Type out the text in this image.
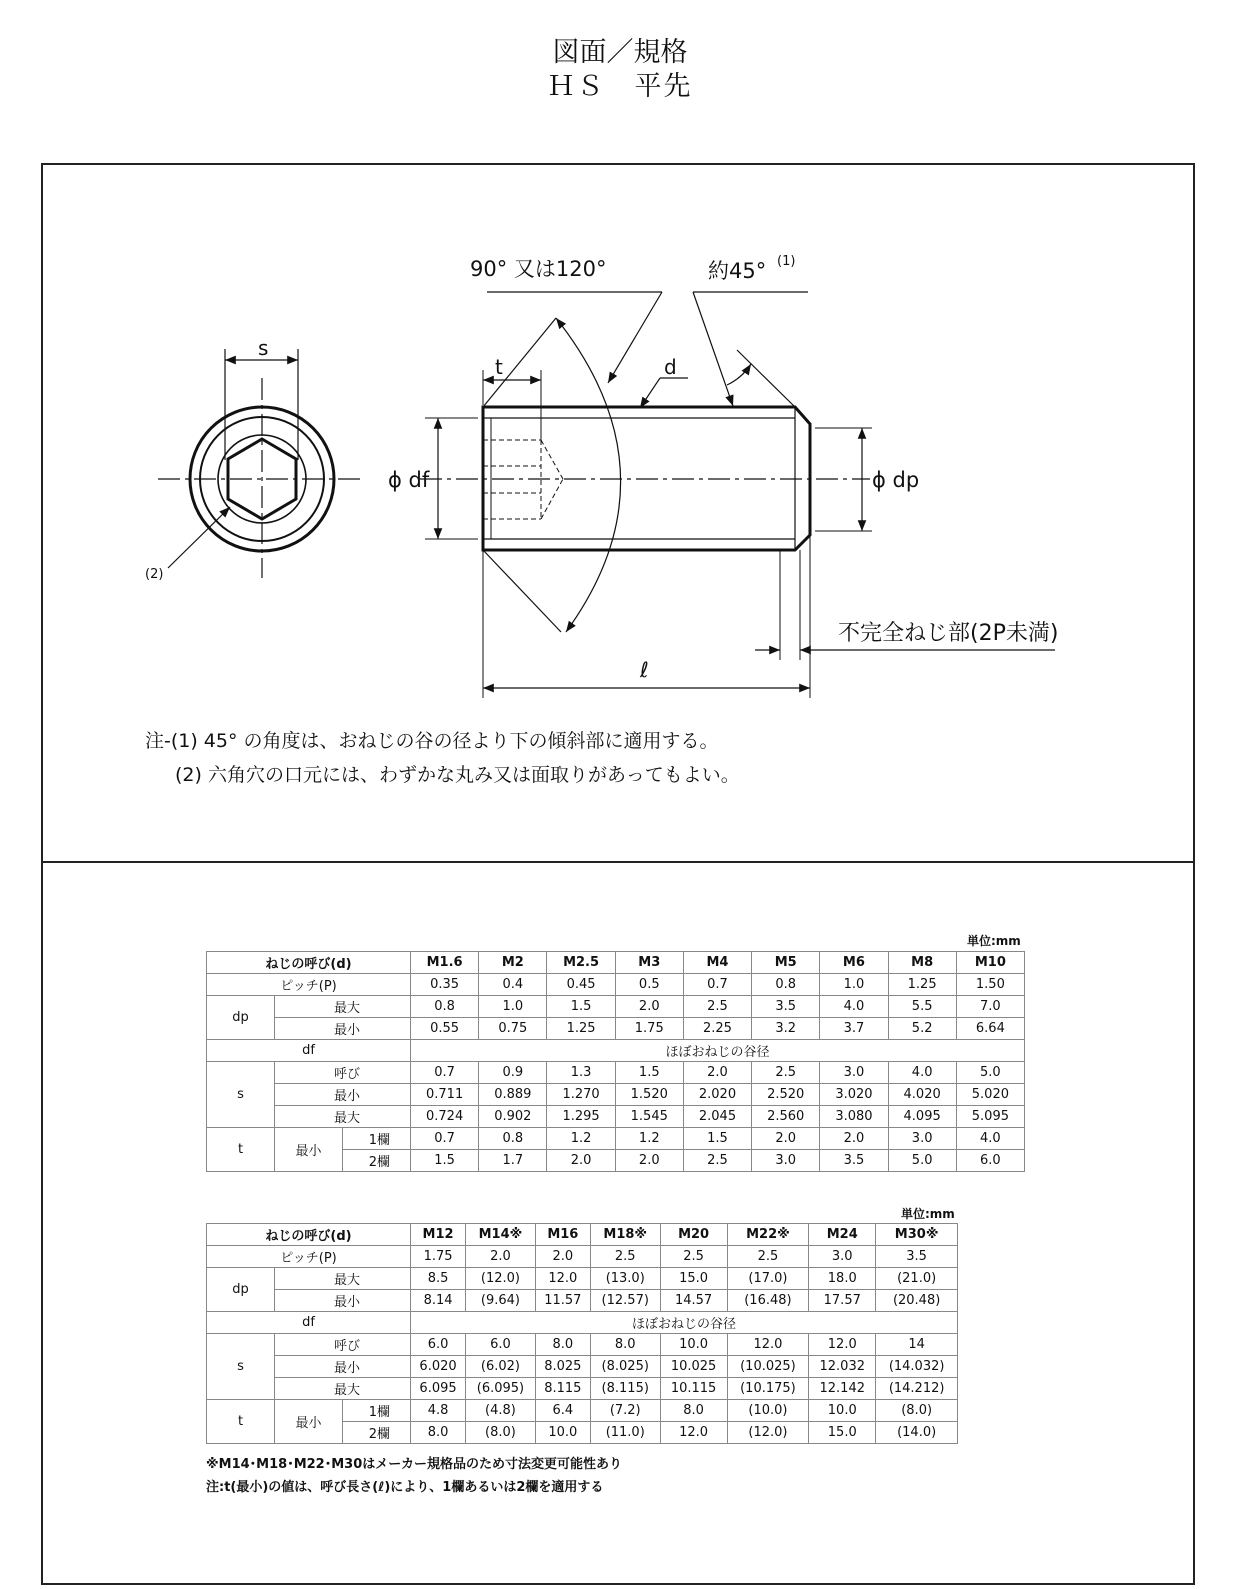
図面／規格
ＨＳ　平先
90° 又は120°	約45° (1)
s
t	d
ϕ df	ϕ dp
(2)
不完全ねじ部(2P未満)
ℓ
注-(1) 45° の角度は、おねじの谷の径より下の傾斜部に適用する。
(2) 六角穴の口元には、わずかな丸み又は面取りがあってもよい。
単位:mm
ねじの呼び(d)			M1.6	M2	M2.5	M3	M4	M5	M6	M8	M10
ピッチ(P)			0.35	0.4	0.45	0.5	0.7	0.8	1.0	1.25	1.50
dp	最大		0.8	1.0	1.5	2.0	2.5	3.5	4.0	5.5	7.0
	最小		0.55	0.75	1.25	1.75	2.25	3.2	3.7	5.2	6.64
df			ほぼおねじの谷径								
s	呼び		0.7	0.9	1.3	1.5	2.0	2.5	3.0	4.0	5.0
	最小		0.711	0.889	1.270	1.520	2.020	2.520	3.020	4.020	5.020
	最大		0.724	0.902	1.295	1.545	2.045	2.560	3.080	4.095	5.095
t	最小	1欄	0.7	0.8	1.2	1.2	1.5	2.0	2.0	3.0	4.0
		2欄	1.5	1.7	2.0	2.0	2.5	3.0	3.5	5.0	6.0
単位:mm
ねじの呼び(d)			M12	M14※	M16	M18※	M20	M22※	M24	M30※
ピッチ(P)			1.75	2.0	2.0	2.5	2.5	2.5	3.0	3.5
dp	最大		8.5	(12.0)	12.0	(13.0)	15.0	(17.0)	18.0	(21.0)
	最小		8.14	(9.64)	11.57	(12.57)	14.57	(16.48)	17.57	(20.48)
df			ほぼおねじの谷径							
s	呼び		6.0	6.0	8.0	8.0	10.0	12.0	12.0	14
	最小		6.020	(6.02)	8.025	(8.025)	10.025	(10.025)	12.032	(14.032)
	最大		6.095	(6.095)	8.115	(8.115)	10.115	(10.175)	12.142	(14.212)
t	最小	1欄	4.8	(4.8)	6.4	(7.2)	8.0	(10.0)	10.0	(8.0)
		2欄	8.0	(8.0)	10.0	(11.0)	12.0	(12.0)	15.0	(14.0)
※M14･M18･M22･M30はメーカー規格品のため寸法変更可能性あり
注:t(最小)の値は、呼び長さ(ℓ)により、1欄あるいは2欄を適用する
